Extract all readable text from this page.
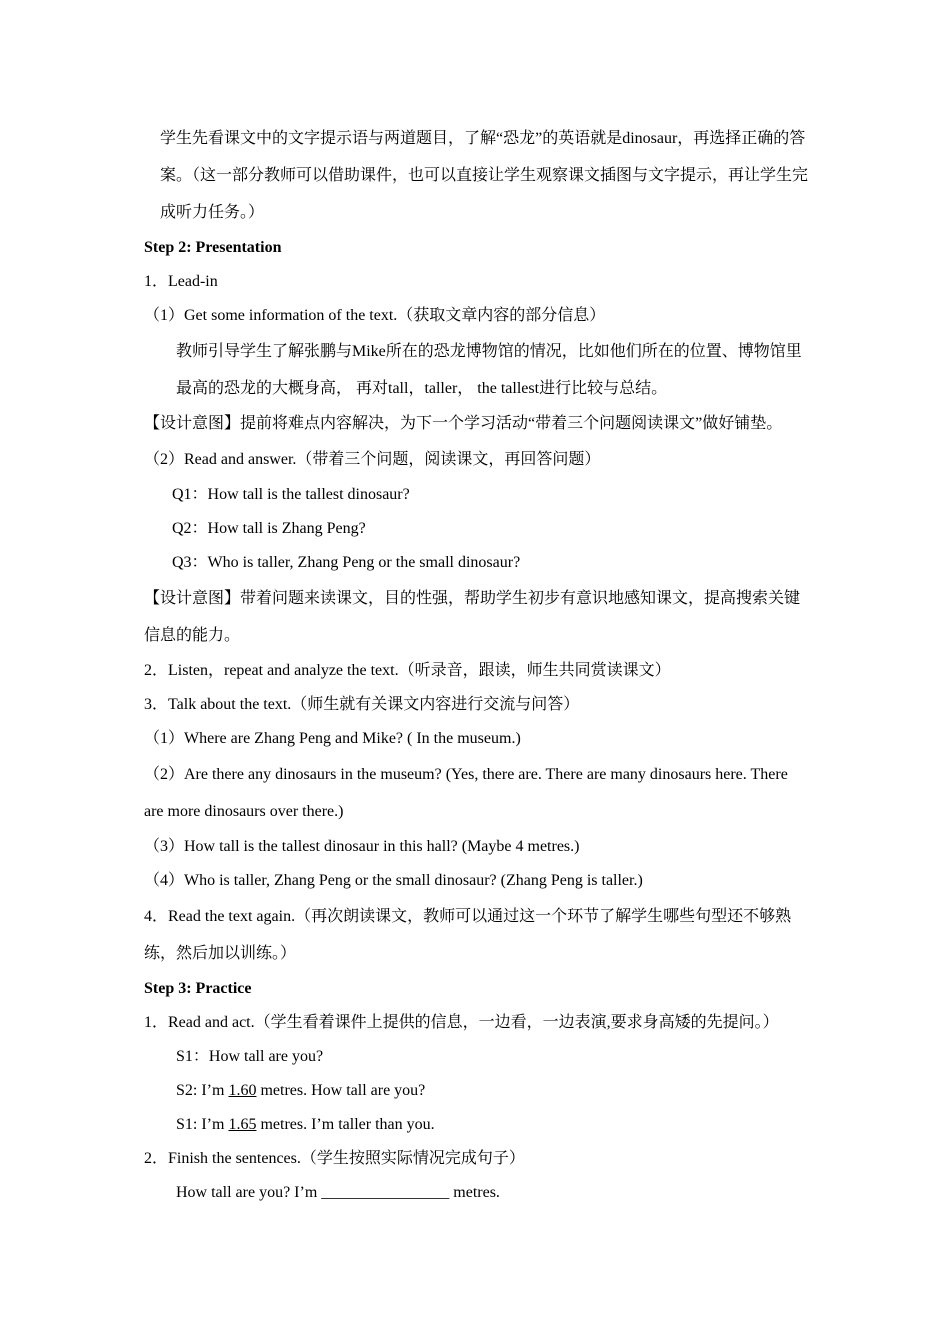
学生先看课文中的文字提示语与两道题目，了解“恐龙”的英语就是dinosaur，再选择正确的答案。（这一部分教师可以借助课件，也可以直接让学生观察课文插图与文字提示，再让学生完成听力任务。）

Step 2: Presentation

1．Lead-in

（1）Get some information of the text.（获取文章内容的部分信息）

教师引导学生了解张鹏与Mike所在的恐龙博物馆的情况，比如他们所在的位置、博物馆里最高的恐龙的大概身高， 再对tall，taller， the tallest进行比较与总结。

【设计意图】提前将难点内容解决，为下一个学习活动“带着三个问题阅读课文”做好铺垫。

（2）Read and answer.（带着三个问题，阅读课文，再回答问题）

Q1：How tall is the tallest dinosaur?

Q2：How tall is Zhang Peng?

Q3：Who is taller, Zhang Peng or the small dinosaur?

【设计意图】带着问题来读课文，目的性强，帮助学生初步有意识地感知课文，提高搜索关键信息的能力。

2．Listen，repeat and analyze the text.（听录音，跟读，师生共同赏读课文）

3．Talk about the text.（师生就有关课文内容进行交流与问答）

（1）Where are Zhang Peng and Mike? ( In the museum.)

（2）Are there any dinosaurs in the museum? (Yes, there are. There are many dinosaurs here. There are more dinosaurs over there.)

（3）How tall is the tallest dinosaur in this hall? (Maybe 4 metres.)

（4）Who is taller, Zhang Peng or the small dinosaur? (Zhang Peng is taller.)

4．Read the text again.（再次朗读课文，教师可以通过这一个环节了解学生哪些句型还不够熟练，然后加以训练。）

Step 3: Practice

1．Read and act.（学生看着课件上提供的信息，一边看，一边表演,要求身高矮的先提问。）

S1：How tall are you?

S2: I’m 1.60 metres. How tall are you?

S1: I’m 1.65 metres. I’m taller than you.

2．Finish the sentences.（学生按照实际情况完成句子）

How tall are you? I’m ________________ metres.
